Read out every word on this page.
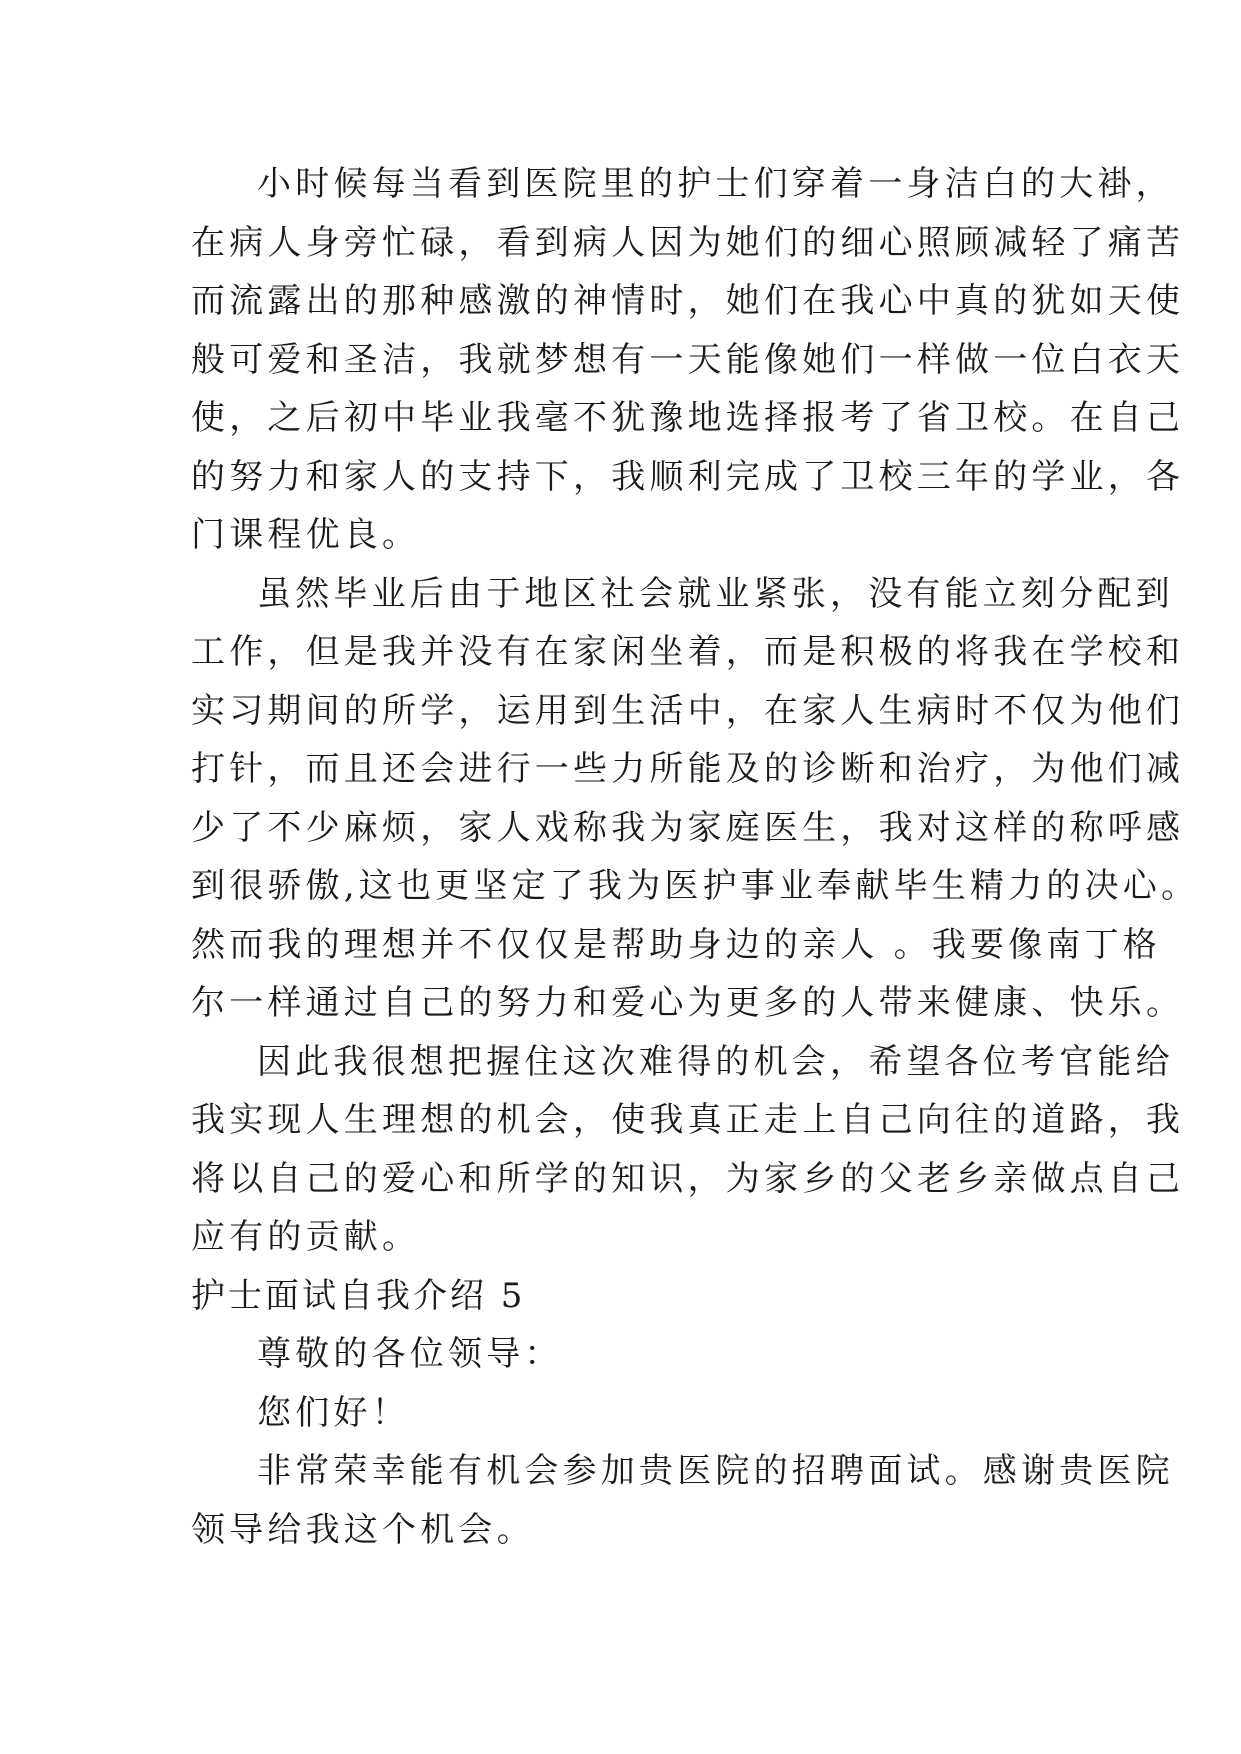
小时候每当看到医院里的护士们穿着一身洁白的大褂，
在病人身旁忙碌，看到病人因为她们的细心照顾减轻了痛苦
而流露出的那种感激的神情时，她们在我心中真的犹如天使
般可爱和圣洁，我就梦想有一天能像她们一样做一位白衣天
使，之后初中毕业我毫不犹豫地选择报考了省卫校。在自己
的努力和家人的支持下，我顺利完成了卫校三年的学业，各
门课程优良。
虽然毕业后由于地区社会就业紧张，没有能立刻分配到
工作，但是我并没有在家闲坐着，而是积极的将我在学校和
实习期间的所学，运用到生活中，在家人生病时不仅为他们
打针，而且还会进行一些力所能及的诊断和治疗，为他们减
少了不少麻烦，家人戏称我为家庭医生，我对这样的称呼感
到很骄傲,这也更坚定了我为医护事业奉献毕生精力的决心。
然而我的理想并不仅仅是帮助身边的亲人 。我要像南丁格
尔一样通过自己的努力和爱心为更多的人带来健康、快乐。
因此我很想把握住这次难得的机会，希望各位考官能给
我实现人生理想的机会，使我真正走上自己向往的道路，我
将以自己的爱心和所学的知识，为家乡的父老乡亲做点自己
应有的贡献。
护士面试自我介绍 5
尊敬的各位领导：
您们好！
非常荣幸能有机会参加贵医院的招聘面试。感谢贵医院
领导给我这个机会。
